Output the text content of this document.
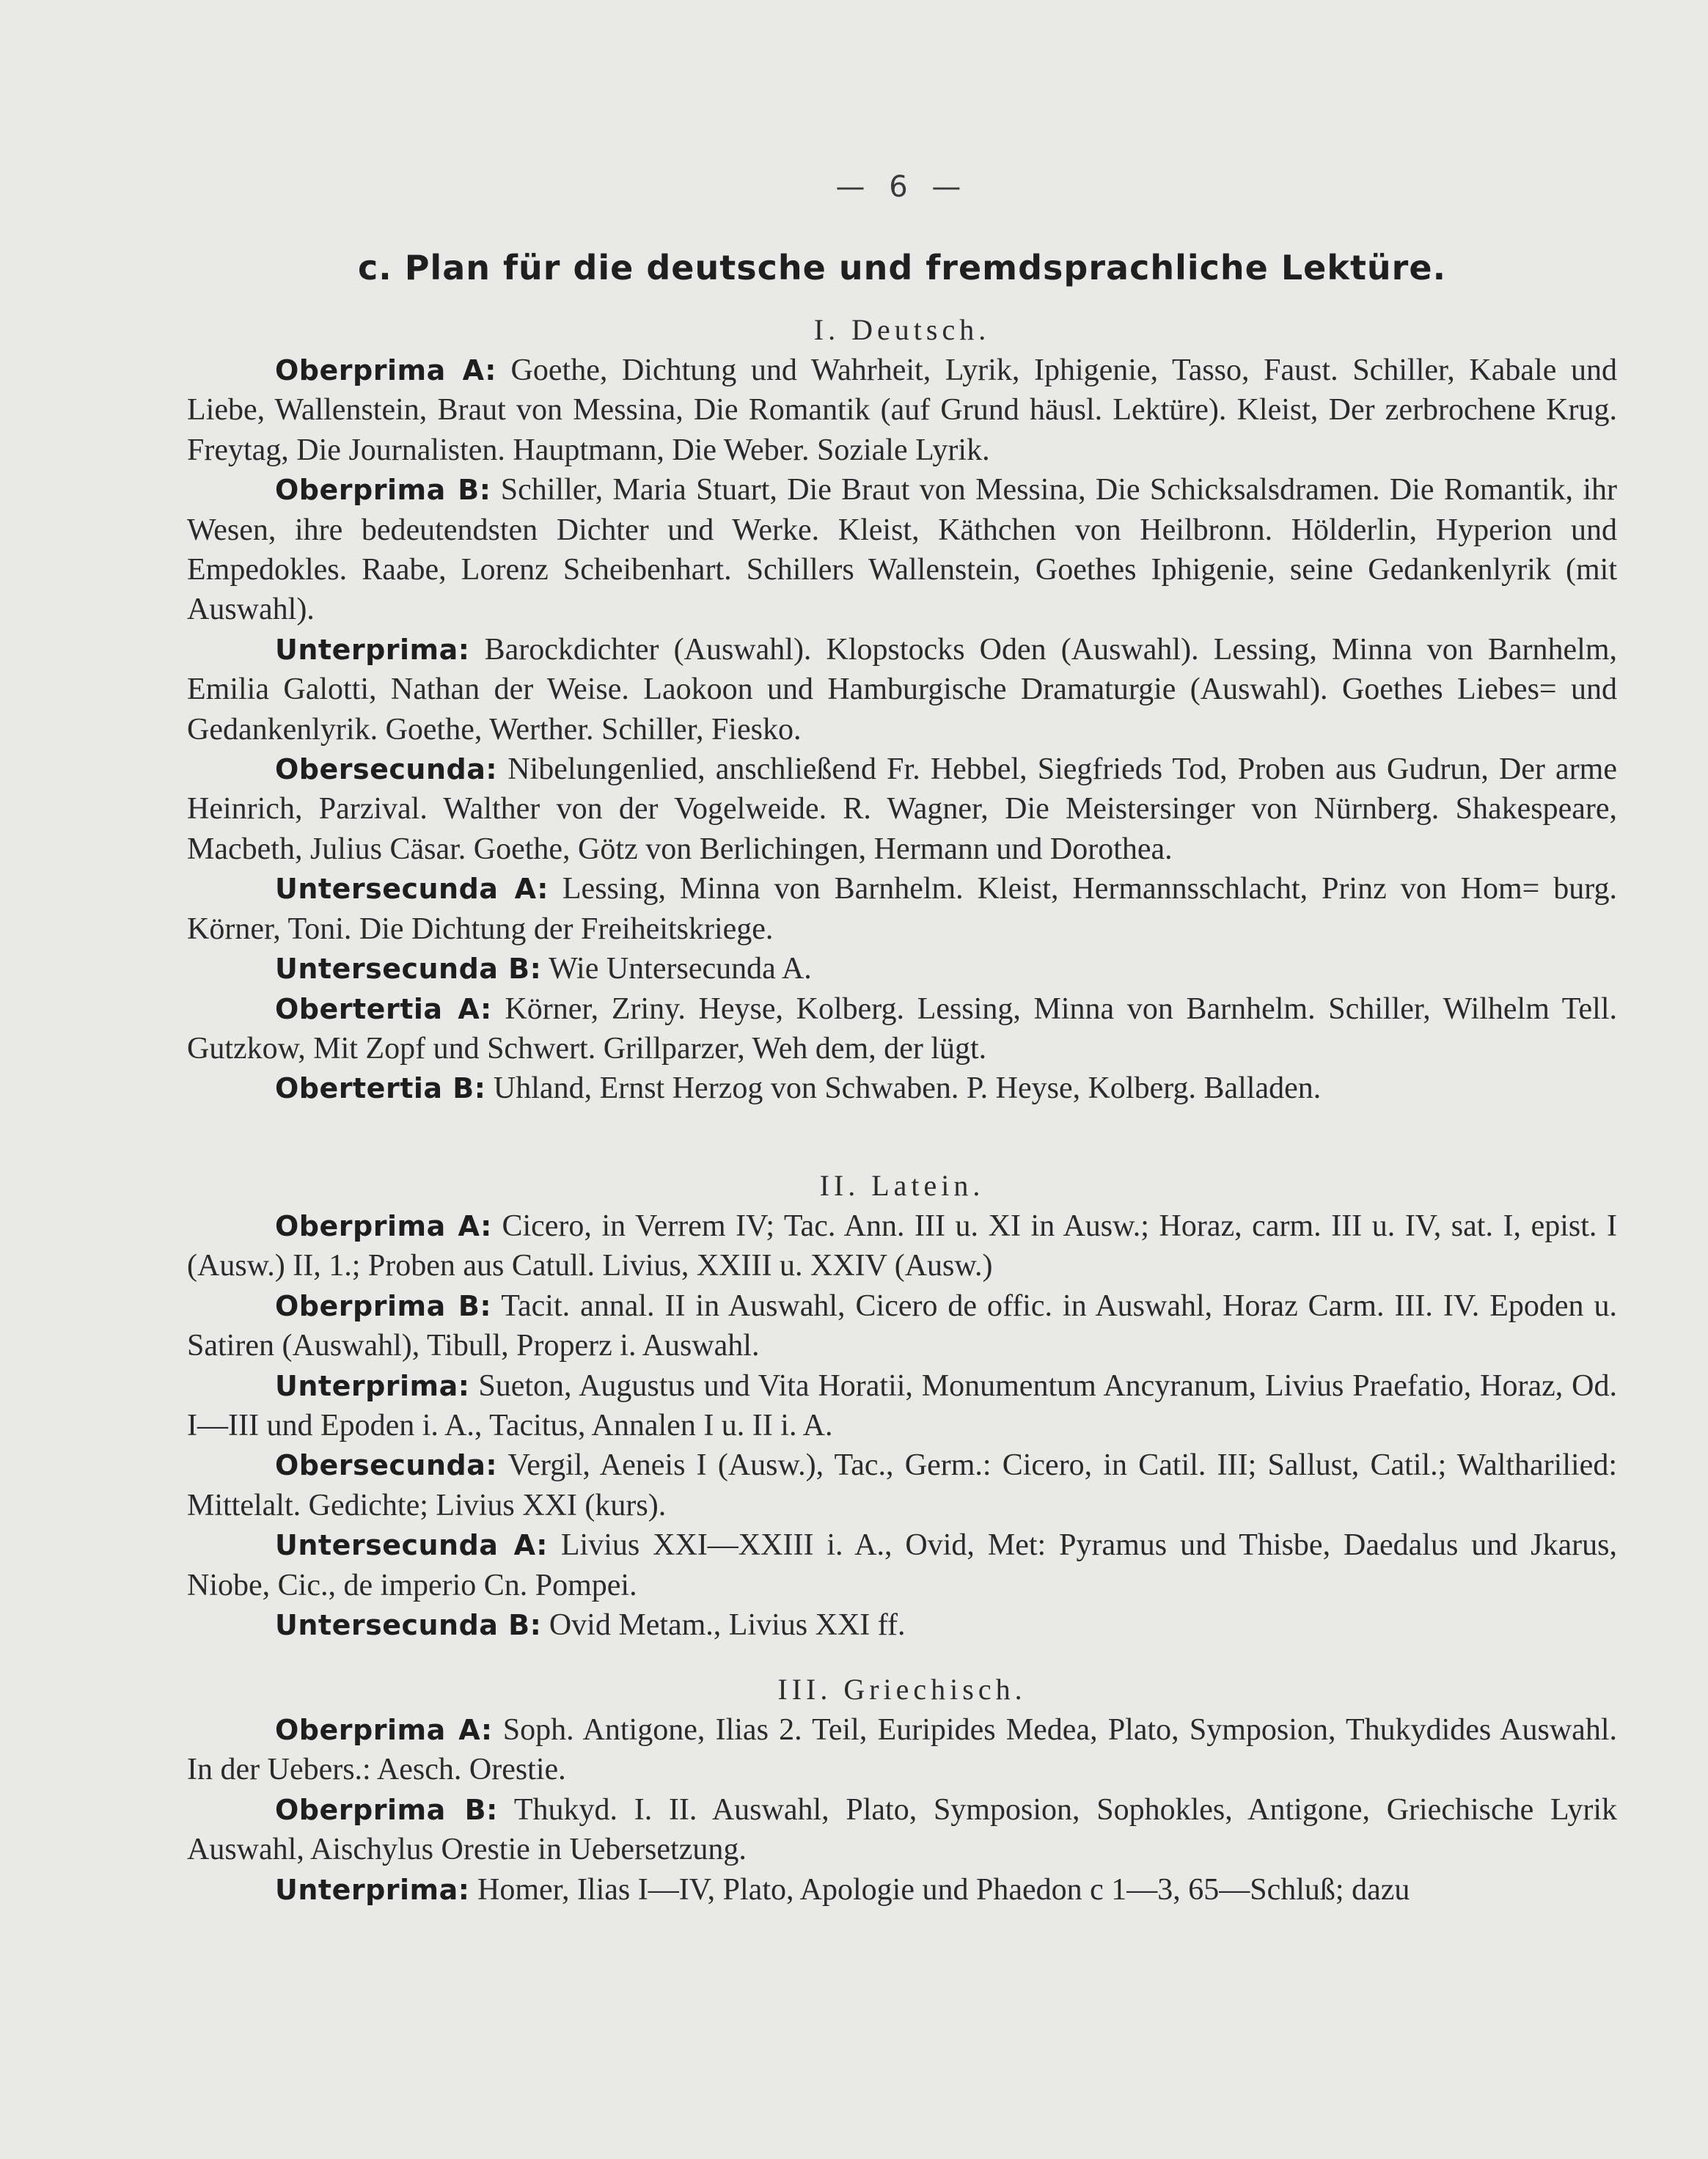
— 6 —
c. Plan für die deutsche und fremdsprachliche Lektüre.
I. Deutsch.

Oberprima A: Goethe, Dichtung und Wahrheit, Lyrik, Iphigenie, Tasso, Faust. Schiller, Kabale und Liebe, Wallenstein, Braut von Messina, Die Romantik (auf Grund häusl. Lektüre). Kleist, Der zerbrochene Krug. Freytag, Die Journalisten. Hauptmann, Die Weber. Soziale Lyrik.

Oberprima B: Schiller, Maria Stuart, Die Braut von Messina, Die Schicksalsdramen. Die Romantik, ihr Wesen, ihre bedeutendsten Dichter und Werke. Kleist, Käthchen von Heilbronn. Hölderlin, Hyperion und Empedokles. Raabe, Lorenz Scheibenhart. Schillers Wallenstein, Goethes Iphigenie, seine Gedankenlyrik (mit Auswahl).

Unterprima: Barockdichter (Auswahl). Klopstocks Oden (Auswahl). Lessing, Minna von Barnhelm, Emilia Galotti, Nathan der Weise. Laokoon und Hamburgische Dramaturgie (Auswahl). Goethes Liebes= und Gedankenlyrik. Goethe, Werther. Schiller, Fiesko.

Obersecunda: Nibelungenlied, anschließend Fr. Hebbel, Siegfrieds Tod, Proben aus Gudrun, Der arme Heinrich, Parzival. Walther von der Vogelweide. R. Wagner, Die Meistersinger von Nürnberg. Shakespeare, Macbeth, Julius Cäsar. Goethe, Götz von Berlichingen, Hermann und Dorothea.

Untersecunda A: Lessing, Minna von Barnhelm. Kleist, Hermannsschlacht, Prinz von Hom= burg. Körner, Toni. Die Dichtung der Freiheitskriege.

Untersecunda B: Wie Untersecunda A.

Obertertia A: Körner, Zriny. Heyse, Kolberg. Lessing, Minna von Barnhelm. Schiller, Wilhelm Tell. Gutzkow, Mit Zopf und Schwert. Grillparzer, Weh dem, der lügt.

Obertertia B: Uhland, Ernst Herzog von Schwaben. P. Heyse, Kolberg. Balladen.

II. Latein.

Oberprima A: Cicero, in Verrem IV; Tac. Ann. III u. XI in Ausw.; Horaz, carm. III u. IV, sat. I, epist. I (Ausw.) II, 1.; Proben aus Catull. Livius, XXIII u. XXIV (Ausw.)

Oberprima B: Tacit. annal. II in Auswahl, Cicero de offic. in Auswahl, Horaz Carm. III. IV. Epoden u. Satiren (Auswahl), Tibull, Properz i. Auswahl.

Unterprima: Sueton, Augustus und Vita Horatii, Monumentum Ancyranum, Livius Praefatio, Horaz, Od. I—III und Epoden i. A., Tacitus, Annalen I u. II i. A.

Obersecunda: Vergil, Aeneis I (Ausw.), Tac., Germ.: Cicero, in Catil. III; Sallust, Catil.; Waltharilied: Mittelalt. Gedichte; Livius XXI (kurs).

Untersecunda A: Livius XXI—XXIII i. A., Ovid, Met: Pyramus und Thisbe, Daedalus und Jkarus, Niobe, Cic., de imperio Cn. Pompei.

Untersecunda B: Ovid Metam., Livius XXI ff.

III. Griechisch.

Oberprima A: Soph. Antigone, Ilias 2. Teil, Euripides Medea, Plato, Symposion, Thukydides Auswahl. In der Uebers.: Aesch. Orestie.

Oberprima B: Thukyd. I. II. Auswahl, Plato, Symposion, Sophokles, Antigone, Griechische Lyrik Auswahl, Aischylus Orestie in Uebersetzung.

Unterprima: Homer, Ilias I—IV, Plato, Apologie und Phaedon c 1—3, 65—Schluß; dazu
